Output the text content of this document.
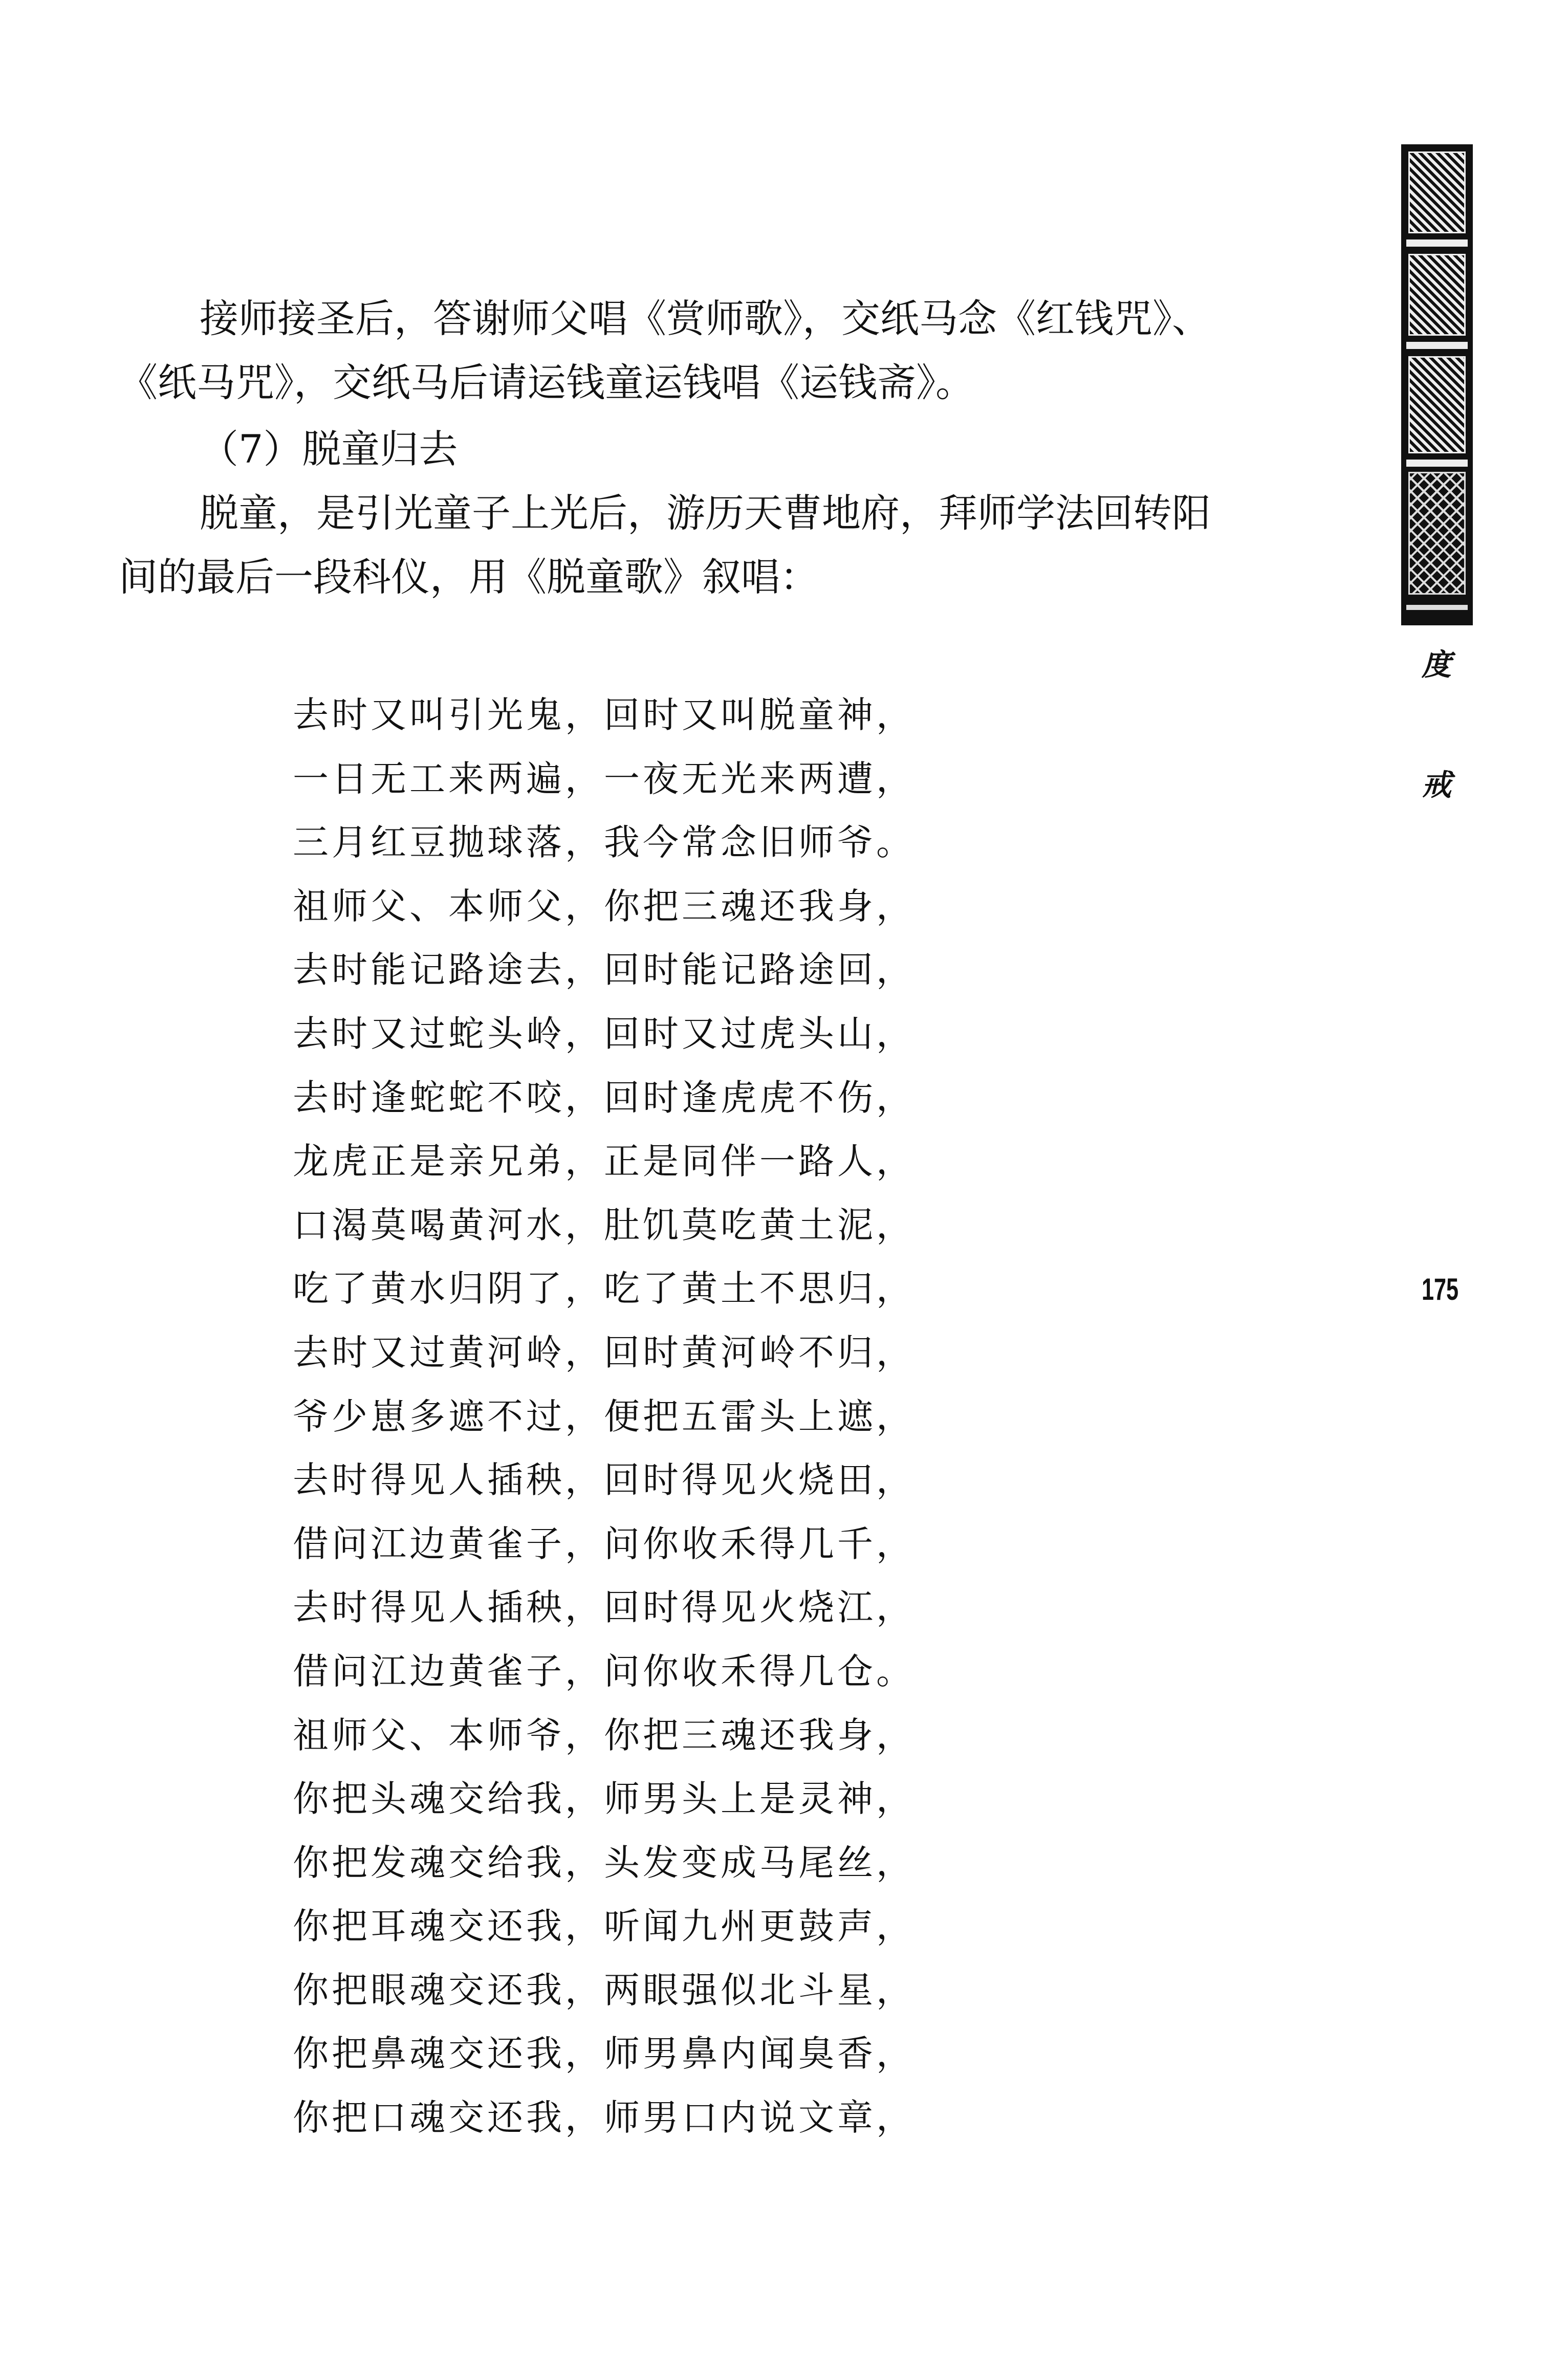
接师接圣后，答谢师父唱《赏师歌》，交纸马念《红钱咒》、

《纸马咒》，交纸马后请运钱童运钱唱《运钱斋》。

（7）脱童归去

脱童，是引光童子上光后，游历天曹地府，拜师学法回转阳

间的最后一段科仪，用《脱童歌》叙唱：

去时又叫引光鬼，回时又叫脱童神，
一日无工来两遍，一夜无光来两遭，
三月红豆抛球落，我今常念旧师爷。
祖师父、本师父，你把三魂还我身，
去时能记路途去，回时能记路途回，
去时又过蛇头岭，回时又过虎头山，
去时逢蛇蛇不咬，回时逢虎虎不伤，
龙虎正是亲兄弟，正是同伴一路人，
口渴莫喝黄河水，肚饥莫吃黄土泥，
吃了黄水归阴了，吃了黄土不思归，
去时又过黄河岭，回时黄河岭不归，
爷少崽多遮不过，便把五雷头上遮，
去时得见人插秧，回时得见火烧田，
借问江边黄雀子，问你收禾得几千，
去时得见人插秧，回时得见火烧江，
借问江边黄雀子，问你收禾得几仓。
祖师父、本师爷，你把三魂还我身，
你把头魂交给我，师男头上是灵神，
你把发魂交给我，头发变成马尾丝，
你把耳魂交还我，听闻九州更鼓声，
你把眼魂交还我，两眼强似北斗星，
你把鼻魂交还我，师男鼻内闻臭香，
你把口魂交还我，师男口内说文章，
度
戒
175
